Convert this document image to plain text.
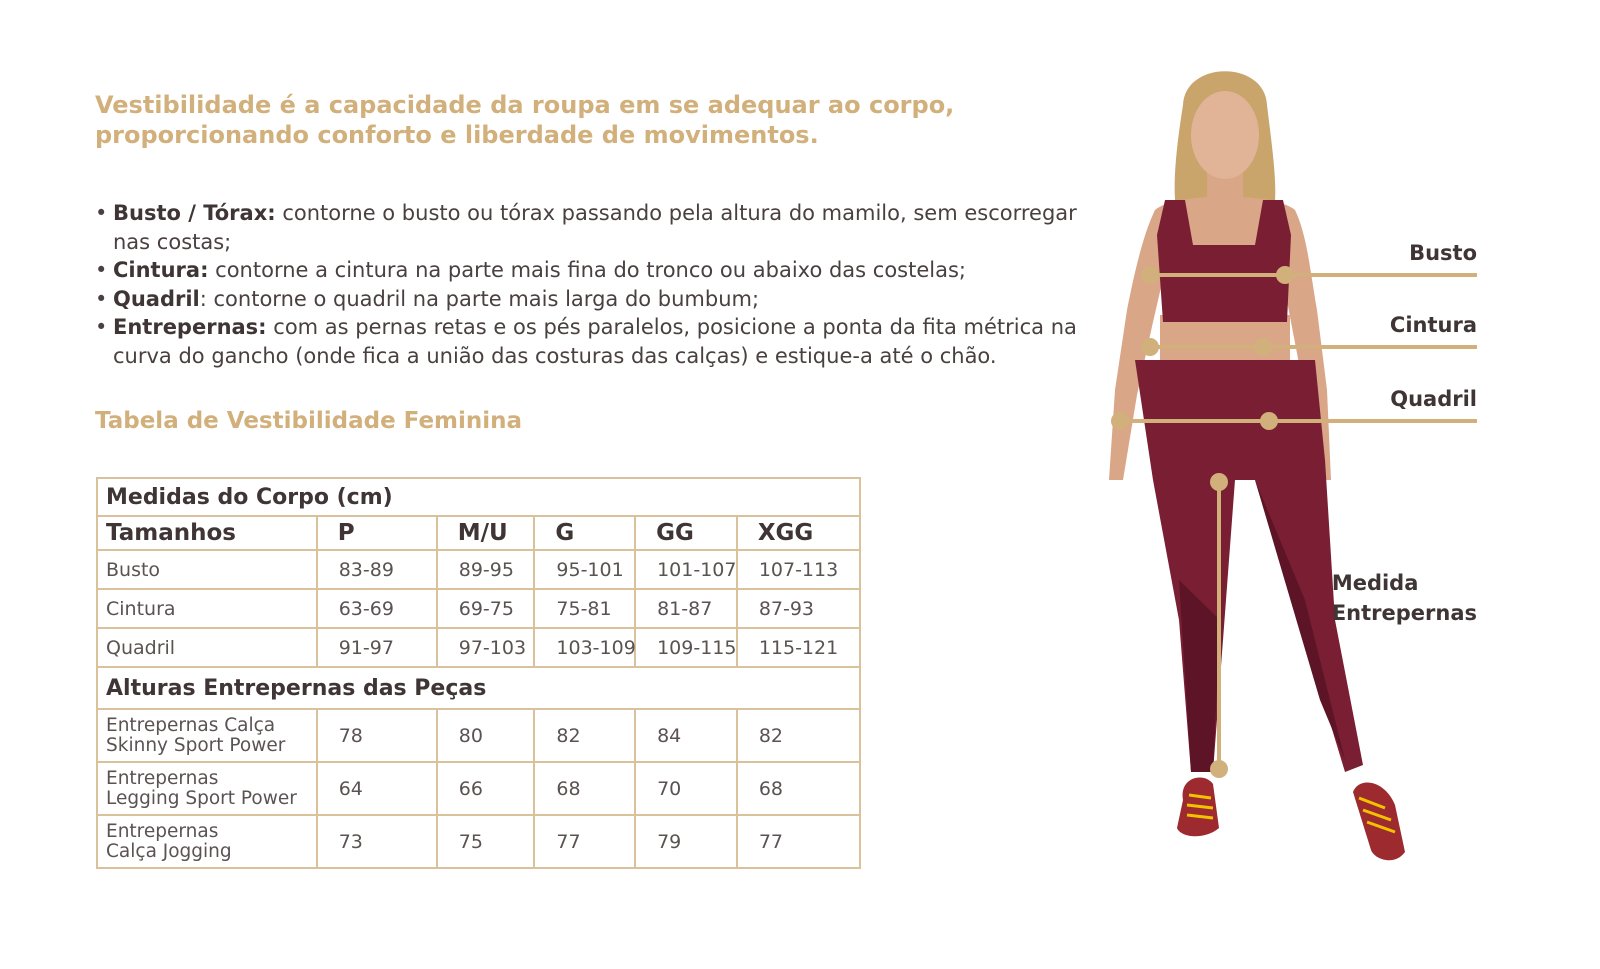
Vestibilidade é a capacidade da roupa em se adequar ao corpo,
proporcionando conforto e liberdade de movimentos.

• Busto / Tórax: contorne o busto ou tórax passando pela altura do mamilo, sem escorregar nas costas;
• Cintura: contorne a cintura na parte mais fina do tronco ou abaixo das costelas;
• Quadril: contorne o quadril na parte mais larga do bumbum;
• Entrepernas: com as pernas retas e os pés paralelos, posicione a ponta da fita métrica na curva do gancho (onde fica a união das costuras das calças) e estique-a até o chão.
Tabela de Vestibilidade Feminina
Medidas do Corpo (cm)					
Tamanhos	P	M/U	G	GG	XGG
Busto	83-89	89-95	95-101	101-107	107-113
Cintura	63-69	69-75	75-81	81-87	87-93
Quadril	91-97	97-103	103-109	109-115	115-121
Alturas Entrepernas das Peças					
Entrepernas Calça
Skinny Sport Power	78	80	82	84	82
Entrepernas
Legging Sport Power	64	66	68	70	68
Entrepernas
Calça Jogging	73	75	77	79	77
Busto
Cintura
Quadril
Medida
Entrepernas
